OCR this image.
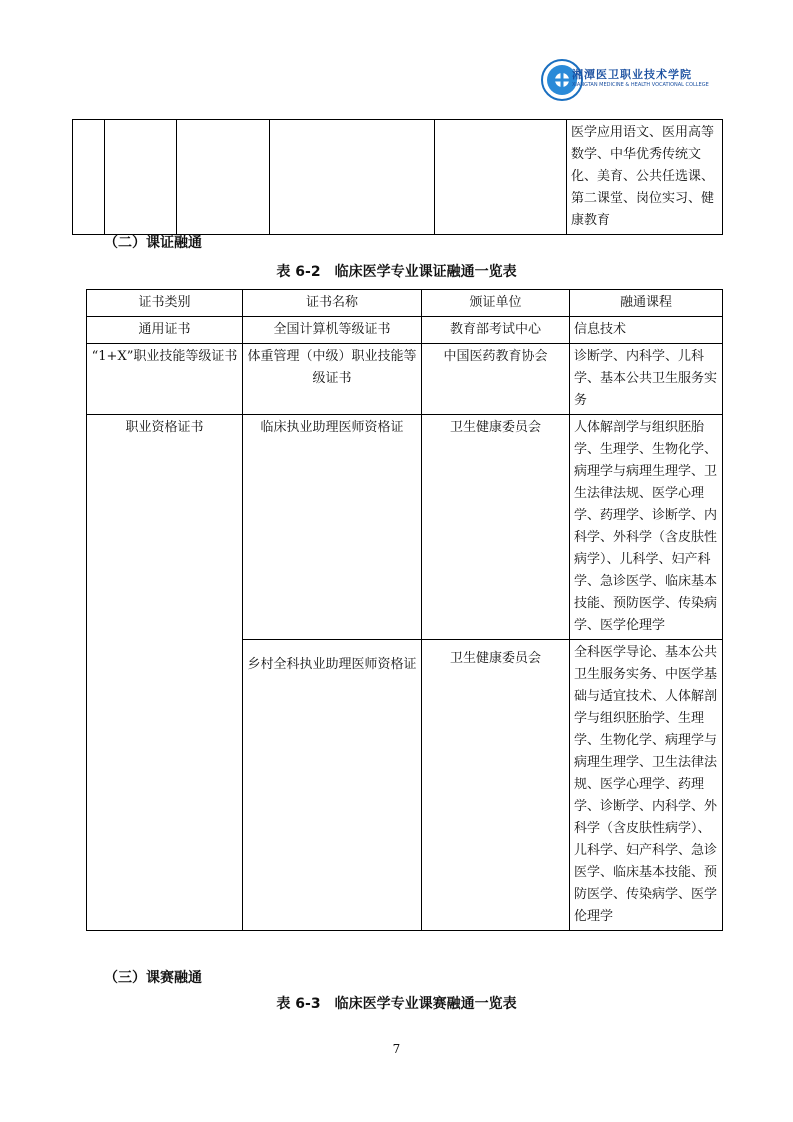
湘潭医卫职业技术学院
XIANGTAN MEDICINE & HEALTH VOCATIONAL COLLEGE
					医学应用语文、医用高等数学、中华优秀传统文化、美育、公共任选课、第二课堂、岗位实习、健康教育
（二）课证融通
表 6-2　临床医学专业课证融通一览表
证书类别	证书名称	颁证单位	融通课程
通用证书	全国计算机等级证书	教育部考试中心	信息技术
“1+X”职业技能等级证书	体重管理（中级）职业技能等级证书	中国医药教育协会	诊断学、内科学、儿科学、基本公共卫生服务实务
职业资格证书	临床执业助理医师资格证	卫生健康委员会	人体解剖学与组织胚胎学、生理学、生物化学、病理学与病理生理学、卫生法律法规、医学心理学、药理学、诊断学、内科学、外科学（含皮肤性病学）、儿科学、妇产科学、急诊医学、临床基本技能、预防医学、传染病学、医学伦理学
	乡村全科执业助理医师资格证	卫生健康委员会	全科医学导论、基本公共卫生服务实务、中医学基础与适宜技术、人体解剖学与组织胚胎学、生理学、生物化学、病理学与病理生理学、卫生法律法规、医学心理学、药理学、诊断学、内科学、外科学（含皮肤性病学）、儿科学、妇产科学、急诊医学、临床基本技能、预防医学、传染病学、医学伦理学
（三）课赛融通
表 6-3　临床医学专业课赛融通一览表
7
